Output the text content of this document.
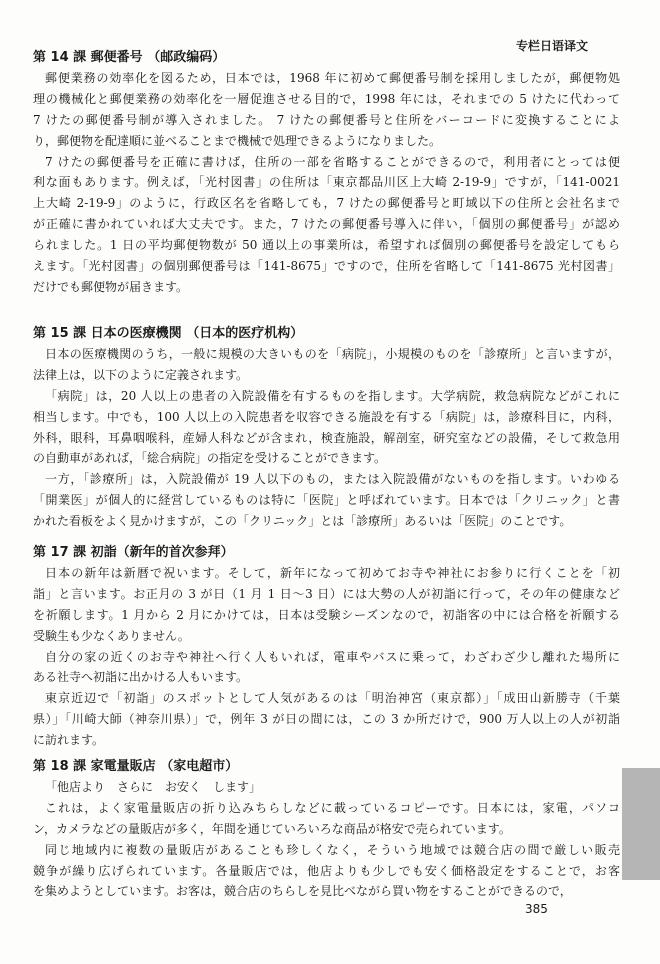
专栏日语译文
第 14 課 郵便番号 （邮政编码）
郵便業務の効率化を図るため，日本では，1968 年に初めて郵便番号制を採用しましたが，郵便物処
理の機械化と郵便業務の効率化を一層促進させる目的で，1998 年には，それまでの 5 けたに代わって
7 けたの郵便番号制が導入されました。 7 けたの郵便番号と住所をバーコードに変換することによ
り，郵便物を配達順に並べることまで機械で処理できるようになりました。
7 けたの郵便番号を正確に書けば，住所の一部を省略することができるので，利用者にとっては便
利な面もあります。例えば，「光村図書」の住所は「東京都品川区上大崎 2-19-9」ですが，「141-0021
上大崎 2-19-9」のように，行政区名を省略しても，7 けたの郵便番号と町域以下の住所と会社名まで
が正確に書かれていれば大丈夫です。また，7 けたの郵便番号導入に伴い，「個別の郵便番号」が認め
られました。1 日の平均郵便物数が 50 通以上の事業所は，希望すれば個別の郵便番号を設定してもら
えます。「光村図書」の個別郵便番号は「141-8675」ですので，住所を省略して「141-8675 光村図書」
だけでも郵便物が届きます。
第 15 課 日本の医療機関 （日本的医疗机构）
日本の医療機関のうち，一般に規模の大きいものを「病院」，小規模のものを「診療所」と言いますが，
法律上は，以下のように定義されます。
「病院」は，20 人以上の患者の入院設備を有するものを指します。大学病院，救急病院などがこれに
相当します。中でも，100 人以上の入院患者を収容できる施設を有する「病院」は，診療科目に，内科，
外科，眼科，耳鼻咽喉科，産婦人科などが含まれ，検査施設，解剖室，研究室などの設備，そして救急用
の自動車があれば，「総合病院」の指定を受けることができます。
一方，「診療所」は，入院設備が 19 人以下のもの，または入院設備がないものを指します。いわゆる
「開業医」が個人的に経営しているものは特に「医院」と呼ばれています。日本では「クリニック」と書
かれた看板をよく見かけますが，この「クリニック」とは「診療所」あるいは「医院」のことです。
第 17 課 初詣（新年的首次参拜）
日本の新年は新暦で祝います。そして，新年になって初めてお寺や神社にお参りに行くことを「初
詣」と言います。お正月の 3 が日（1 月 1 日～3 日）には大勢の人が初詣に行って，その年の健康など
を祈願します。1 月から 2 月にかけては，日本は受験シーズンなので，初詣客の中には合格を祈願する
受験生も少なくありません。
自分の家の近くのお寺や神社へ行く人もいれば，電車やバスに乗って，わざわざ少し離れた場所に
ある社寺へ初詣に出かける人もいます。
東京近辺で「初詣」のスポットとして人気があるのは「明治神宮（東京都）」「成田山新勝寺（千葉
県）」「川崎大師（神奈川県）」で，例年 3 が日の間には，この 3 か所だけで，900 万人以上の人が初詣
に訪れます。
第 18 課 家電量販店 （家电超市）
「他店より　さらに　お安く　します」
これは，よく家電量販店の折り込みちらしなどに載っているコピーです。日本には，家電，パソコ
ン，カメラなどの量販店が多く，年間を通じていろいろな商品が格安で売られています。
同じ地域内に複数の量販店があることも珍しくなく，そういう地域では競合店の間で厳しい販売
競争が繰り広げられています。各量販店では，他店よりも少しでも安く価格設定をすることで，お客
を集めようとしています。お客は，競合店のちらしを見比べながら買い物をすることができるので，
385
